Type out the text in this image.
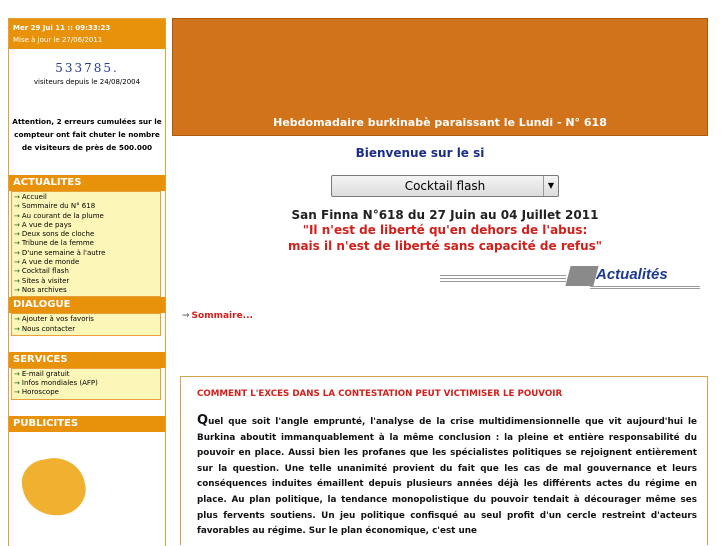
Mer 29 Jui 11 :: 09:33:23
Mise à jour le 27/06/2011
533785.
visiteurs depuis le 24/08/2004
Attention, 2 erreurs cumulées sur le compteur ont fait chuter le nombre de visiteurs de près de 500.000
ACTUALITES
→ Accueil
→ Sommaire du N° 618
→ Au courant de la plume
→ A vue de pays
→ Deux sons de cloche
→ Tribune de la femme
→ D'une semaine à l'autre
→ A vue de monde
→ Cocktail flash
→ Sites à visiter
→ Nos archives
DIALOGUE
→ Ajouter à vos favoris
→ Nous contacter
SERVICES
→ E-mail gratuit
→ Infos mondiales (AFP)
→ Horoscope
PUBLICITES
Hebdomadaire burkinabè paraissant le Lundi - N° 618
Bienvenue sur le si
Cocktail flash	▼
San Finna N°618 du 27 Juin au 04 Juillet 2011
"Il n'est de liberté qu'en dehors de l'abus:
mais il n'est de liberté sans capacité de refus"
Actualités
→ Sommaire...
COMMENT L'EXCES DANS LA CONTESTATION PEUT VICTIMISER LE POUVOIR
Quel que soit l'angle emprunté, l'analyse de la crise multidimensionnelle que vit aujourd'hui le Burkina aboutit immanquablement à la même conclusion : la pleine et entière responsabilité du pouvoir en place. Aussi bien les profanes que les spécialistes politiques se rejoignent entièrement sur la question. Une telle unanimité provient du fait que les cas de mal gouvernance et leurs conséquences induites émaillent depuis plusieurs années déjà les différents actes du régime en place. Au plan politique, la tendance monopolistique du pouvoir tendait à décourager même ses plus fervents soutiens. Un jeu politique confisqué au seul profit d'un cercle restreint d'acteurs favorables au régime. Sur le plan économique, c'est une
